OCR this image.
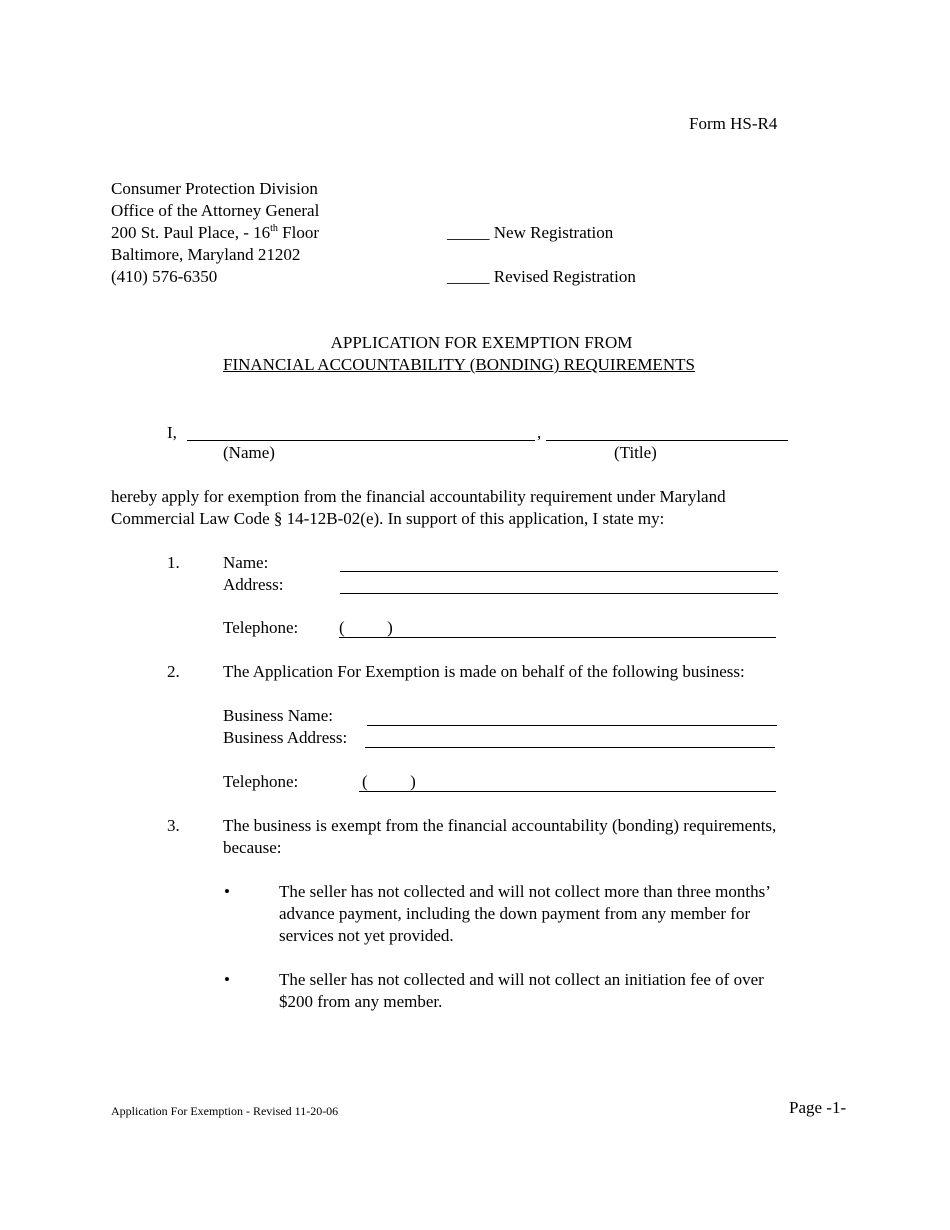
Form HS-R4
Consumer Protection Division
Office of the Attorney General
200 St. Paul Place, - 16th Floor
Baltimore, Maryland 21202
(410) 576-6350
_____ New Registration
_____ Revised Registration
APPLICATION FOR EXEMPTION FROM
FINANCIAL ACCOUNTABILITY (BONDING) REQUIREMENTS
I,	,
(Name)	(Title)
hereby apply for exemption from the financial accountability requirement under Maryland
Commercial Law Code § 14-12B-02(e). In support of this application, I state my:
1.	Name:
Address:
Telephone: (          )
2.	The Application For Exemption is made on behalf of the following business:
Business Name:
Business Address:
Telephone:	(          )
3.	The business is exempt from the financial accountability (bonding) requirements,
because:
•	The seller has not collected and will not collect more than three months’
advance payment, including the down payment from any member for
services not yet provided.
•	The seller has not collected and will not collect an initiation fee of over
$200 from any member.
Application For Exemption - Revised 11-20-06	Page -1-
